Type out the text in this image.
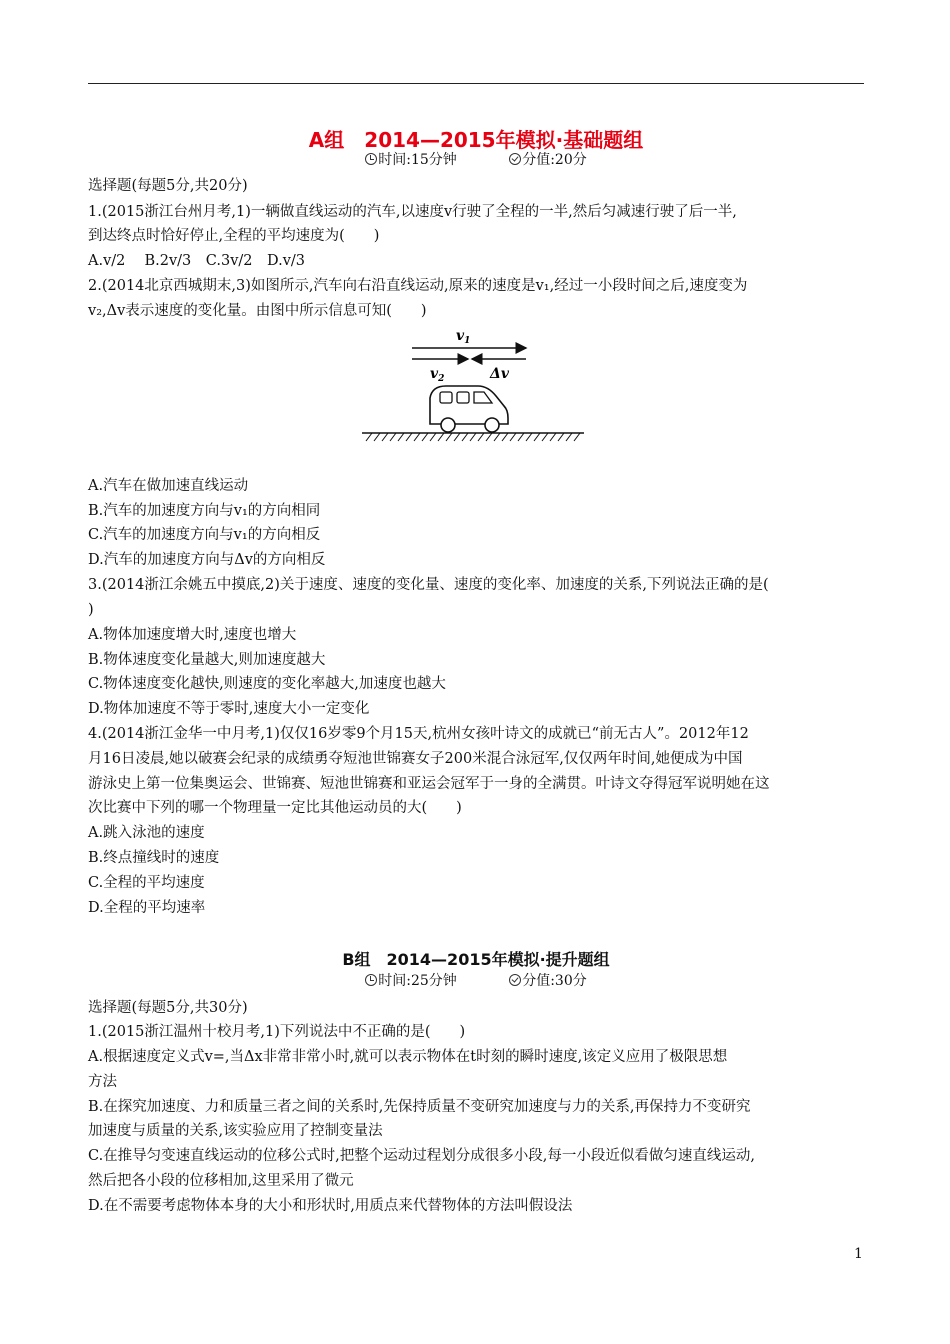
A组　2014—2015年模拟·基础题组
时间:15分钟	分值:20分
选择题(每题5分,共20分)
1.(2015浙江台州月考,1)一辆做直线运动的汽车,以速度v行驶了全程的一半,然后匀减速行驶了后一半,
到达终点时恰好停止,全程的平均速度为(　　)
A.v/2　 B.2v/3　C.3v/2　D.v/3
2.(2014北京西城期末,3)如图所示,汽车向右沿直线运动,原来的速度是v₁,经过一小段时间之后,速度变为
v₂,Δv表示速度的变化量。由图中所示信息可知(　　)
$v_1$
$v_2$	Δv
A.汽车在做加速直线运动
B.汽车的加速度方向与v₁的方向相同
C.汽车的加速度方向与v₁的方向相反
D.汽车的加速度方向与Δv的方向相反
3.(2014浙江余姚五中摸底,2)关于速度、速度的变化量、速度的变化率、加速度的关系,下列说法正确的是(
)
A.物体加速度增大时,速度也增大
B.物体速度变化量越大,则加速度越大
C.物体速度变化越快,则速度的变化率越大,加速度也越大
D.物体加速度不等于零时,速度大小一定变化
4.(2014浙江金华一中月考,1)仅仅16岁零9个月15天,杭州女孩叶诗文的成就已“前无古人”。2012年12
月16日凌晨,她以破赛会纪录的成绩勇夺短池世锦赛女子200米混合泳冠军,仅仅两年时间,她便成为中国
游泳史上第一位集奥运会、世锦赛、短池世锦赛和亚运会冠军于一身的全满贯。叶诗文夺得冠军说明她在这
次比赛中下列的哪一个物理量一定比其他运动员的大(　　)
A.跳入泳池的速度
B.终点撞线时的速度
C.全程的平均速度
D.全程的平均速率
B组　2014—2015年模拟·提升题组
时间:25分钟	分值:30分
选择题(每题5分,共30分)
1.(2015浙江温州十校月考,1)下列说法中不正确的是(　　)
A.根据速度定义式v=,当Δx非常非常小时,就可以表示物体在t时刻的瞬时速度,该定义应用了极限思想
方法
B.在探究加速度、力和质量三者之间的关系时,先保持质量不变研究加速度与力的关系,再保持力不变研究
加速度与质量的关系,该实验应用了控制变量法
C.在推导匀变速直线运动的位移公式时,把整个运动过程划分成很多小段,每一小段近似看做匀速直线运动,
然后把各小段的位移相加,这里采用了微元
D.在不需要考虑物体本身的大小和形状时,用质点来代替物体的方法叫假设法
1
